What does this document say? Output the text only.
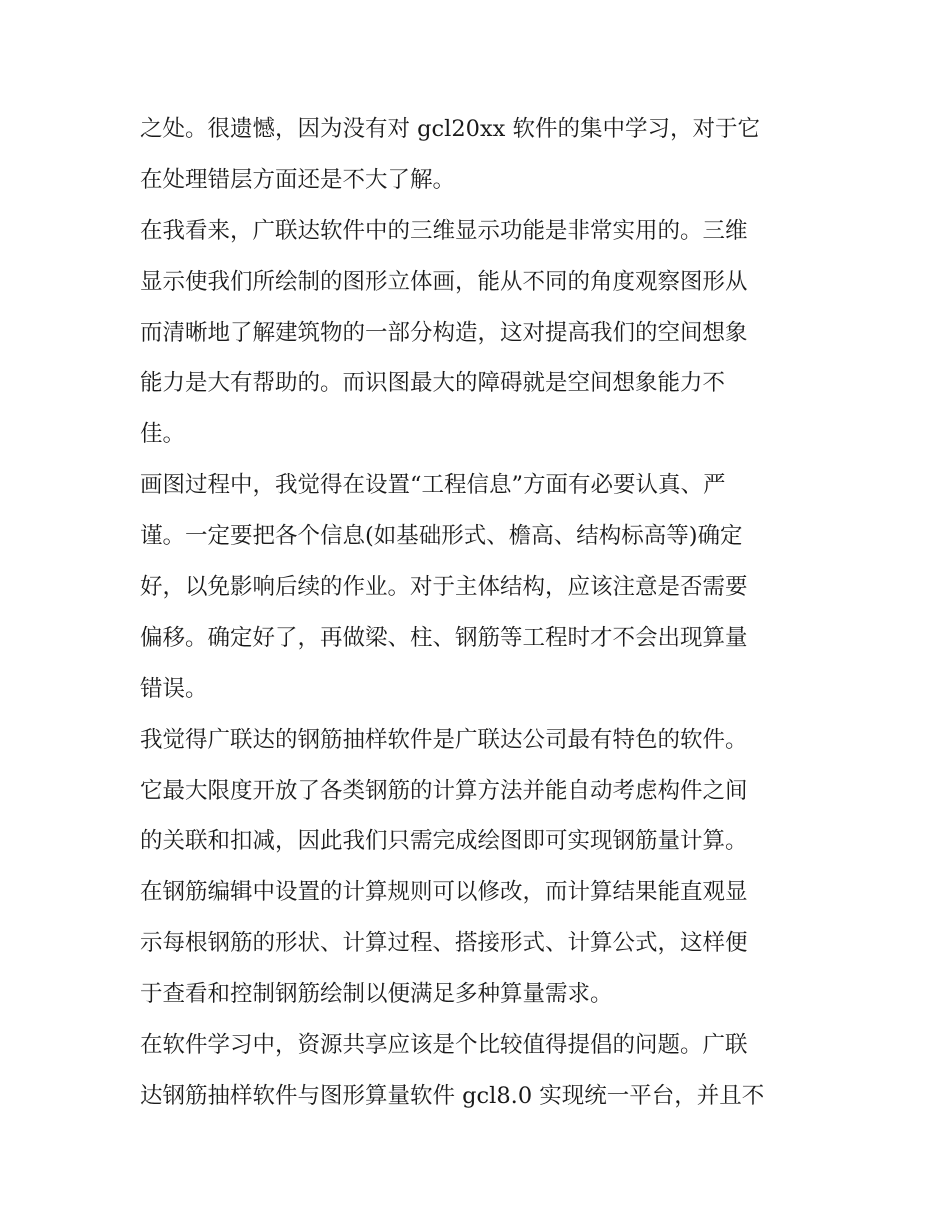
之处。很遗憾，因为没有对 gcl20xx 软件的集中学习，对于它
在处理错层方面还是不大了解。
在我看来，广联达软件中的三维显示功能是非常实用的。三维
显示使我们所绘制的图形立体画，能从不同的角度观察图形从
而清晰地了解建筑物的一部分构造，这对提高我们的空间想象
能力是大有帮助的。而识图最大的障碍就是空间想象能力不
佳。
画图过程中，我觉得在设置“工程信息”方面有必要认真、严
谨。一定要把各个信息(如基础形式、檐高、结构标高等)确定
好，以免影响后续的作业。对于主体结构，应该注意是否需要
偏移。确定好了，再做梁、柱、钢筋等工程时才不会出现算量
错误。
我觉得广联达的钢筋抽样软件是广联达公司最有特色的软件。
它最大限度开放了各类钢筋的计算方法并能自动考虑构件之间
的关联和扣减，因此我们只需完成绘图即可实现钢筋量计算。
在钢筋编辑中设置的计算规则可以修改，而计算结果能直观显
示每根钢筋的形状、计算过程、搭接形式、计算公式，这样便
于查看和控制钢筋绘制以便满足多种算量需求。
在软件学习中，资源共享应该是个比较值得提倡的问题。广联
达钢筋抽样软件与图形算量软件 gcl8.0 实现统一平台，并且不
